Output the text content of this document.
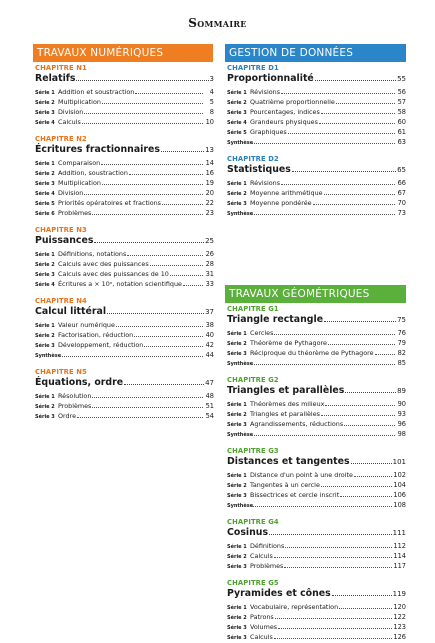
Sommaire
TRAVAUX NUMÉRIQUES	GESTION DE DONNÉES
TRAVAUX GÉOMÉTRIQUES
CHAPITRE N1
Relatifs	3
Série 1 Addition et soustraction	4
Série 2 Multiplication	5
Série 3 Division	8
Série 4 Calculs	10
CHAPITRE N2
Écritures fractionnaires	13
Série 1 Comparaison	14
Série 2 Addition, soustraction	16
Série 3 Multiplication	19
Série 4 Division	20
Série 5 Priorités opératoires et fractions	22
Série 6 Problèmes	23
CHAPITRE N3
Puissances	25
Série 1 Définitions, notations	26
Série 2 Calculs avec des puissances	28
Série 3 Calculs avec des puissances de 10	31
Série 4 Écritures a × 10ⁿ, notation scientifique	33
CHAPITRE N4
Calcul littéral	37
Série 1 Valeur numérique	38
Série 2 Factorisation, réduction	40
Série 3 Développement, réduction	42
Synthèse	44
CHAPITRE N5
Équations, ordre	47
Série 1 Résolution	48
Série 2 Problèmes	51
Série 3 Ordre	54
CHAPITRE D1
Proportionnalité	55
Série 1 Révisions	56
Série 2 Quatrième proportionnelle	57
Série 3 Pourcentages, indices	58
Série 4 Grandeurs physiques	60
Série 5 Graphiques	61
Synthèse	63
CHAPITRE D2
Statistiques	65
Série 1 Révisions	66
Série 2 Moyenne arithmétique	67
Série 3 Moyenne pondérée	70
Synthèse	73
CHAPITRE G1
Triangle rectangle	75
Série 1 Cercles	76
Série 2 Théorème de Pythagore	79
Série 3 Réciproque du théorème de Pythagore	82
Synthèse	85
CHAPITRE G2
Triangles et parallèles	89
Série 1 Théorèmes des milieux	90
Série 2 Triangles et parallèles	93
Série 3 Agrandissements, réductions	96
Synthèse	98
CHAPITRE G3
Distances et tangentes	101
Série 1 Distance d'un point à une droite	102
Série 2 Tangentes à un cercle	104
Série 3 Bissectrices et cercle inscrit	106
Synthèse	108
CHAPITRE G4
Cosinus	111
Série 1 Définitions	112
Série 2 Calculs	114
Série 3 Problèmes	117
CHAPITRE G5
Pyramides et cônes	119
Série 1 Vocabulaire, représentation	120
Série 2 Patrons	122
Série 3 Volumes	123
Série 3 Calculs	126
